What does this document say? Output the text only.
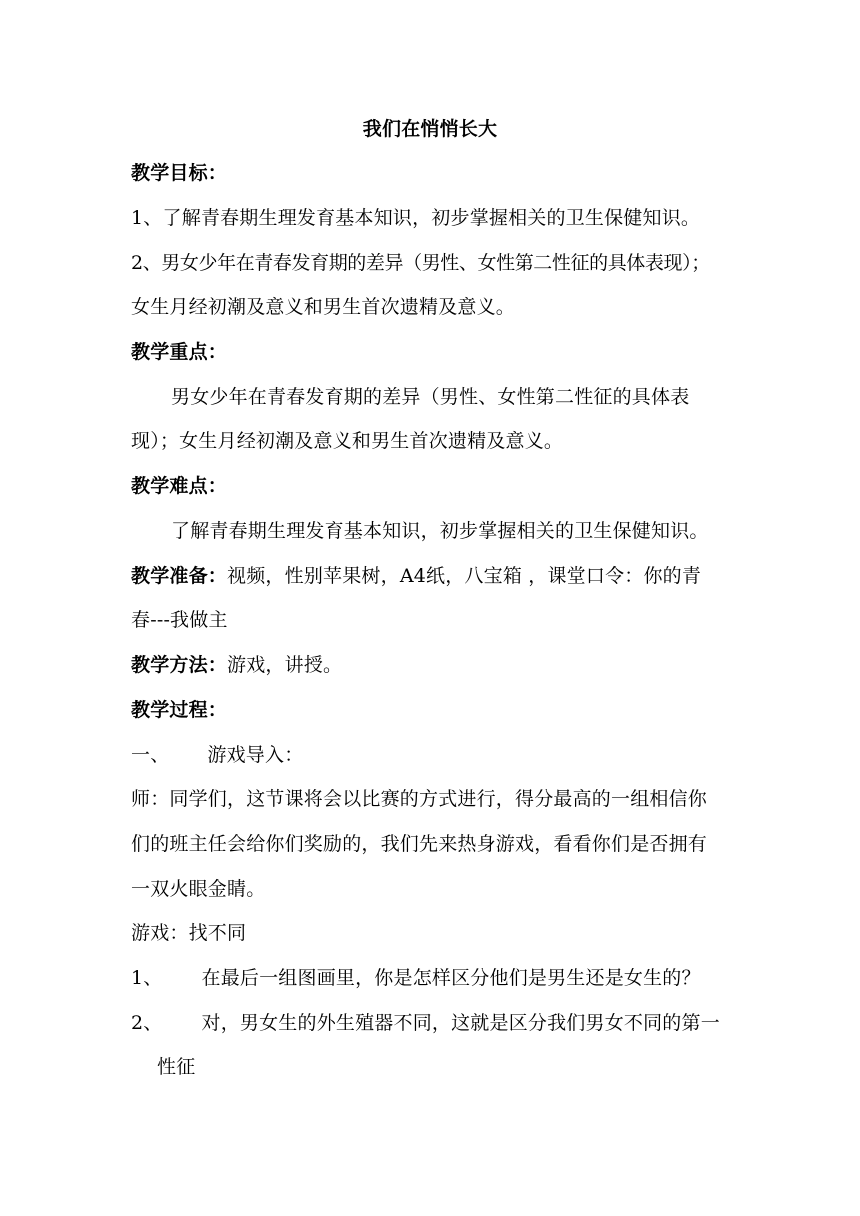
我们在悄悄长大
教学目标：
1、了解青春期生理发育基本知识，初步掌握相关的卫生保健知识。
2、男女少年在青春发育期的差异（男性、女性第二性征的具体表现）；
女生月经初潮及意义和男生首次遗精及意义。
教学重点：
男女少年在青春发育期的差异（男性、女性第二性征的具体表
现）；女生月经初潮及意义和男生首次遗精及意义。
教学难点：
了解青春期生理发育基本知识，初步掌握相关的卫生保健知识。
教学准备：视频，性别苹果树，A4纸，八宝箱 ，课堂口令：你的青
春---我做主
教学方法：游戏，讲授。
教学过程：
一、 游戏导入：
师：同学们，这节课将会以比赛的方式进行，得分最高的一组相信你
们的班主任会给你们奖励的，我们先来热身游戏，看看你们是否拥有
一双火眼金睛。
游戏：找不同
1、 在最后一组图画里，你是怎样区分他们是男生还是女生的？
2、 对，男女生的外生殖器不同，这就是区分我们男女不同的第一
性征
